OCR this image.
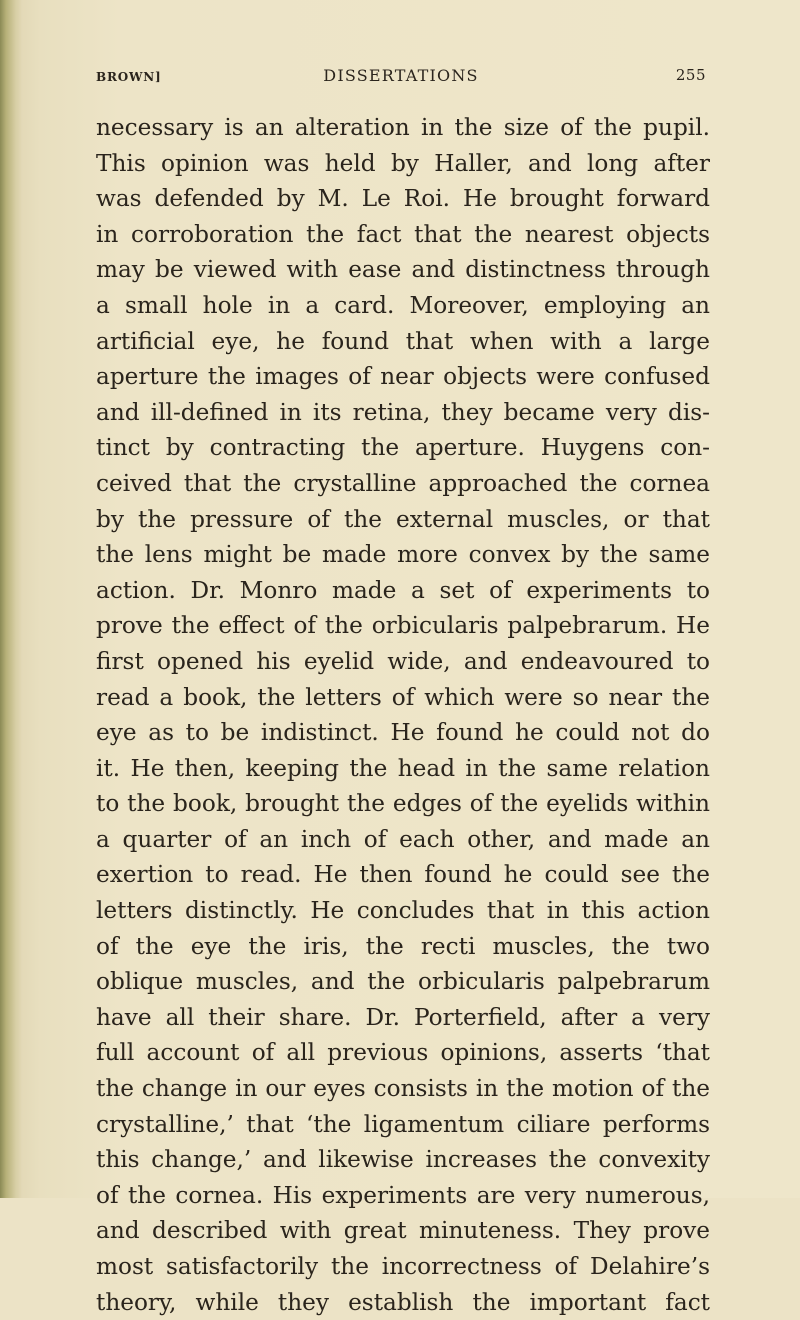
BROWN]	DISSERTATIONS	255
necessary is an alteration in the size of the pupil.
This opinion was held by Haller, and long after
was defended by M. Le Roi. He brought forward
in corroboration the fact that the nearest objects
may be viewed with ease and distinctness through
a small hole in a card. Moreover, employing an
artificial eye, he found that when with a large
aperture the images of near objects were confused
and ill-defined in its retina, they became very dis-
tinct by contracting the aperture. Huygens con-
ceived that the crystalline approached the cornea
by the pressure of the external muscles, or that
the lens might be made more convex by the same
action. Dr. Monro made a set of experiments to
prove the effect of the orbicularis palpebrarum. He
first opened his eyelid wide, and endeavoured to
read a book, the letters of which were so near the
eye as to be indistinct. He found he could not do
it. He then, keeping the head in the same relation
to the book, brought the edges of the eyelids within
a quarter of an inch of each other, and made an
exertion to read. He then found he could see the
letters distinctly. He concludes that in this action
of the eye the iris, the recti muscles, the two
oblique muscles, and the orbicularis palpebrarum
have all their share. Dr. Porterfield, after a very
full account of all previous opinions, asserts ‘that
the change in our eyes consists in the motion of the
crystalline,’ that ‘the ligamentum ciliare performs
this change,’ and likewise increases the convexity
of the cornea. His experiments are very numerous,
and described with great minuteness. They prove
most satisfactorily the incorrectness of Delahire’s
theory, while they establish the important fact
